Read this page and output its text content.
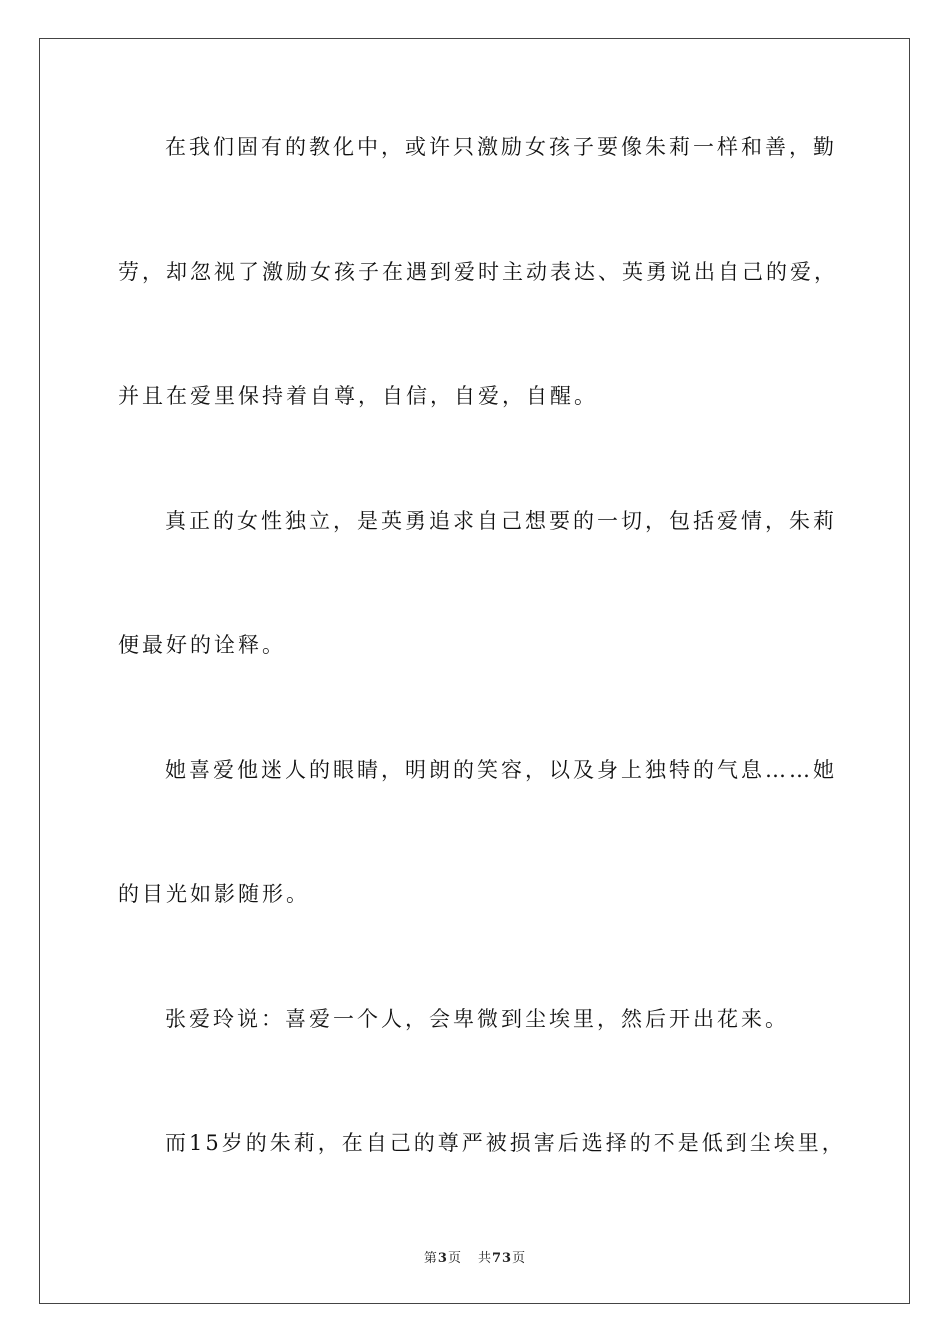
在我们固有的教化中，或许只激励女孩子要像朱莉一样和善，勤
劳，却忽视了激励女孩子在遇到爱时主动表达、英勇说出自己的爱，
并且在爱里保持着自尊，自信，自爱，自醒。
真正的女性独立，是英勇追求自己想要的一切，包括爱情，朱莉
便最好的诠释。
她喜爱他迷人的眼睛，明朗的笑容，以及身上独特的气息……她
的目光如影随形。
张爱玲说：喜爱一个人，会卑微到尘埃里，然后开出花来。
而15岁的朱莉，在自己的尊严被损害后选择的不是低到尘埃里，
第3页 共73页
